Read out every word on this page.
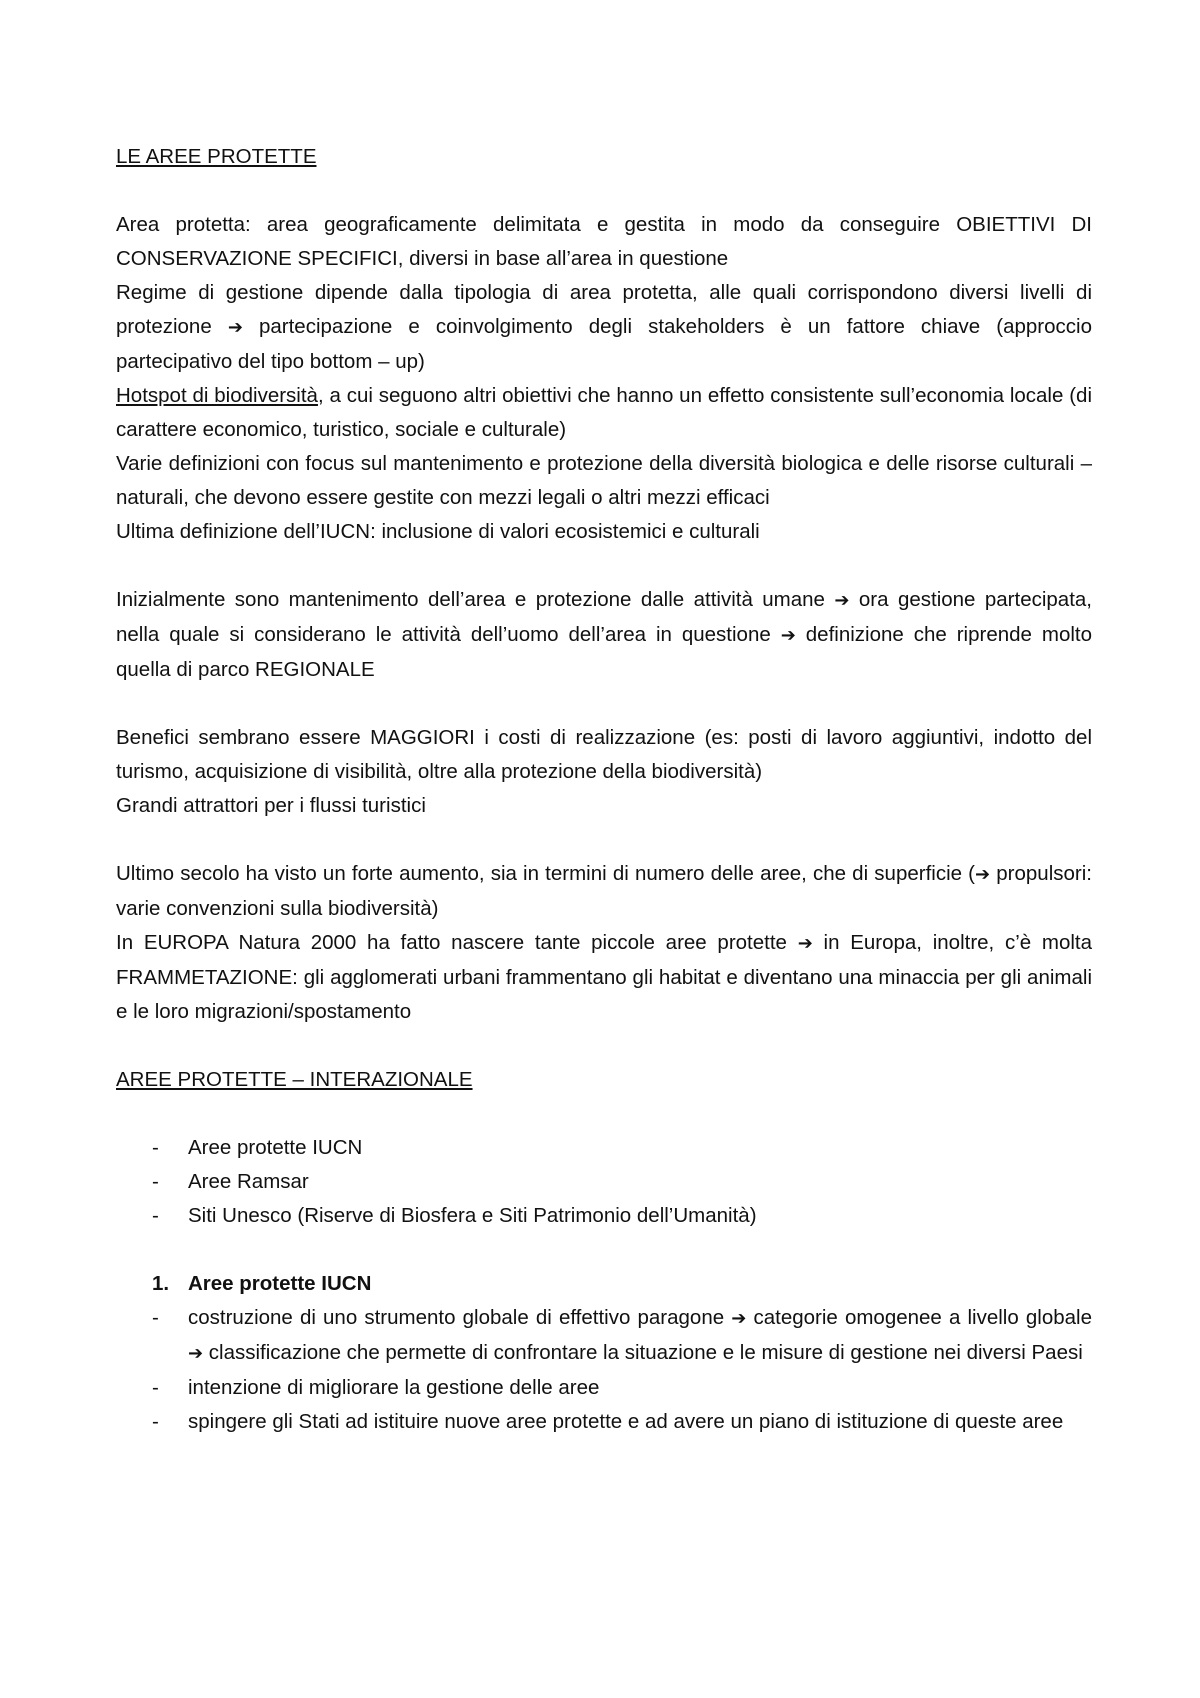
LE AREE PROTETTE

Area protetta: area geograficamente delimitata e gestita in modo da conseguire OBIETTIVI DI CONSERVAZIONE SPECIFICI, diversi in base all’area in questione

Regime di gestione dipende dalla tipologia di area protetta, alle quali corrispondono diversi livelli di protezione ➔ partecipazione e coinvolgimento degli stakeholders è un fattore chiave (approccio partecipativo del tipo bottom – up)

Hotspot di biodiversità, a cui seguono altri obiettivi che hanno un effetto consistente sull’economia locale (di carattere economico, turistico, sociale e culturale)

Varie definizioni con focus sul mantenimento e protezione della diversità biologica e delle risorse culturali – naturali, che devono essere gestite con mezzi legali o altri mezzi efficaci

Ultima definizione dell’IUCN: inclusione di valori ecosistemici e culturali

Inizialmente sono mantenimento dell’area e protezione dalle attività umane ➔ ora gestione partecipata, nella quale si considerano le attività dell’uomo dell’area in questione ➔ definizione che riprende molto quella di parco REGIONALE

Benefici sembrano essere MAGGIORI i costi di realizzazione (es: posti di lavoro aggiuntivi, indotto del turismo, acquisizione di visibilità, oltre alla protezione della biodiversità)

Grandi attrattori per i flussi turistici

Ultimo secolo ha visto un forte aumento, sia in termini di numero delle aree, che di superficie (➔ propulsori: varie convenzioni sulla biodiversità)

In EUROPA Natura 2000 ha fatto nascere tante piccole aree protette ➔ in Europa, inoltre, c’è molta FRAMMETAZIONE: gli agglomerati urbani frammentano gli habitat e diventano una minaccia per gli animali e le loro migrazioni/spostamento

AREE PROTETTE – INTERAZIONALE

- Aree protette IUCN
- Aree Ramsar
- Siti Unesco (Riserve di Biosfera e Siti Patrimonio dell’Umanità)
1. Aree protette IUCN
- costruzione di uno strumento globale di effettivo paragone ➔ categorie omogenee a livello globale ➔ classificazione che permette di confrontare la situazione e le misure di gestione nei diversi Paesi
- intenzione di migliorare la gestione delle aree
- spingere gli Stati ad istituire nuove aree protette e ad avere un piano di istituzione di queste aree
